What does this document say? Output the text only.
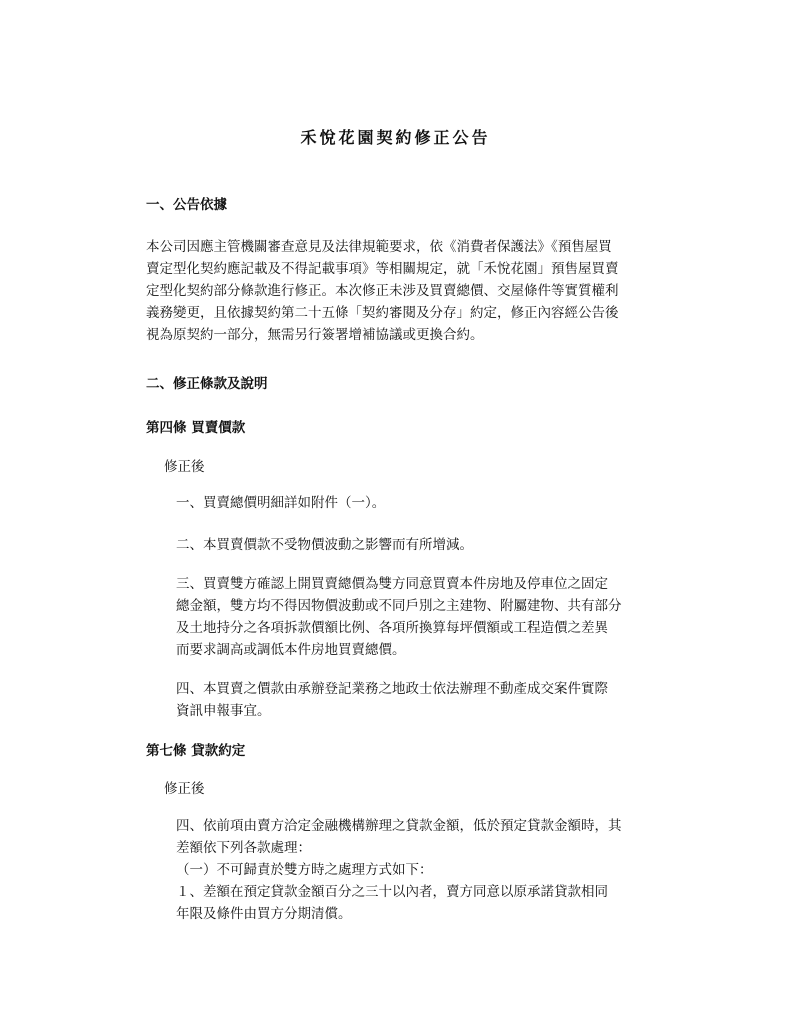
禾悅花園契約修正公告
一、公告依據
本公司因應主管機關審查意見及法律規範要求，依《消費者保護法》《預售屋買
賣定型化契約應記載及不得記載事項》等相關規定，就「禾悅花園」預售屋買賣
定型化契約部分條款進行修正。本次修正未涉及買賣總價、交屋條件等實質權利
義務變更，且依據契約第二十五條「契約審閱及分存」約定，修正內容經公告後
視為原契約一部分，無需另行簽署增補協議或更換合約。
二、修正條款及說明
第四條 買賣價款
修正後
一、買賣總價明細詳如附件（一）。
二、本買賣價款不受物價波動之影響而有所增減。
三、買賣雙方確認上開買賣總價為雙方同意買賣本件房地及停車位之固定
總金額，雙方均不得因物價波動或不同戶別之主建物、附屬建物、共有部分
及土地持分之各項拆款價額比例、各項所換算每坪價額或工程造價之差異
而要求調高或調低本件房地買賣總價。
四、本買賣之價款由承辦登記業務之地政士依法辦理不動產成交案件實際
資訊申報事宜。
第七條 貸款約定
修正後
四、依前項由賣方洽定金融機構辦理之貸款金額，低於預定貸款金額時，其
差額依下列各款處理：
（一）不可歸責於雙方時之處理方式如下：
１、差額在預定貸款金額百分之三十以內者，賣方同意以原承諾貸款相同
年限及條件由買方分期清償。
